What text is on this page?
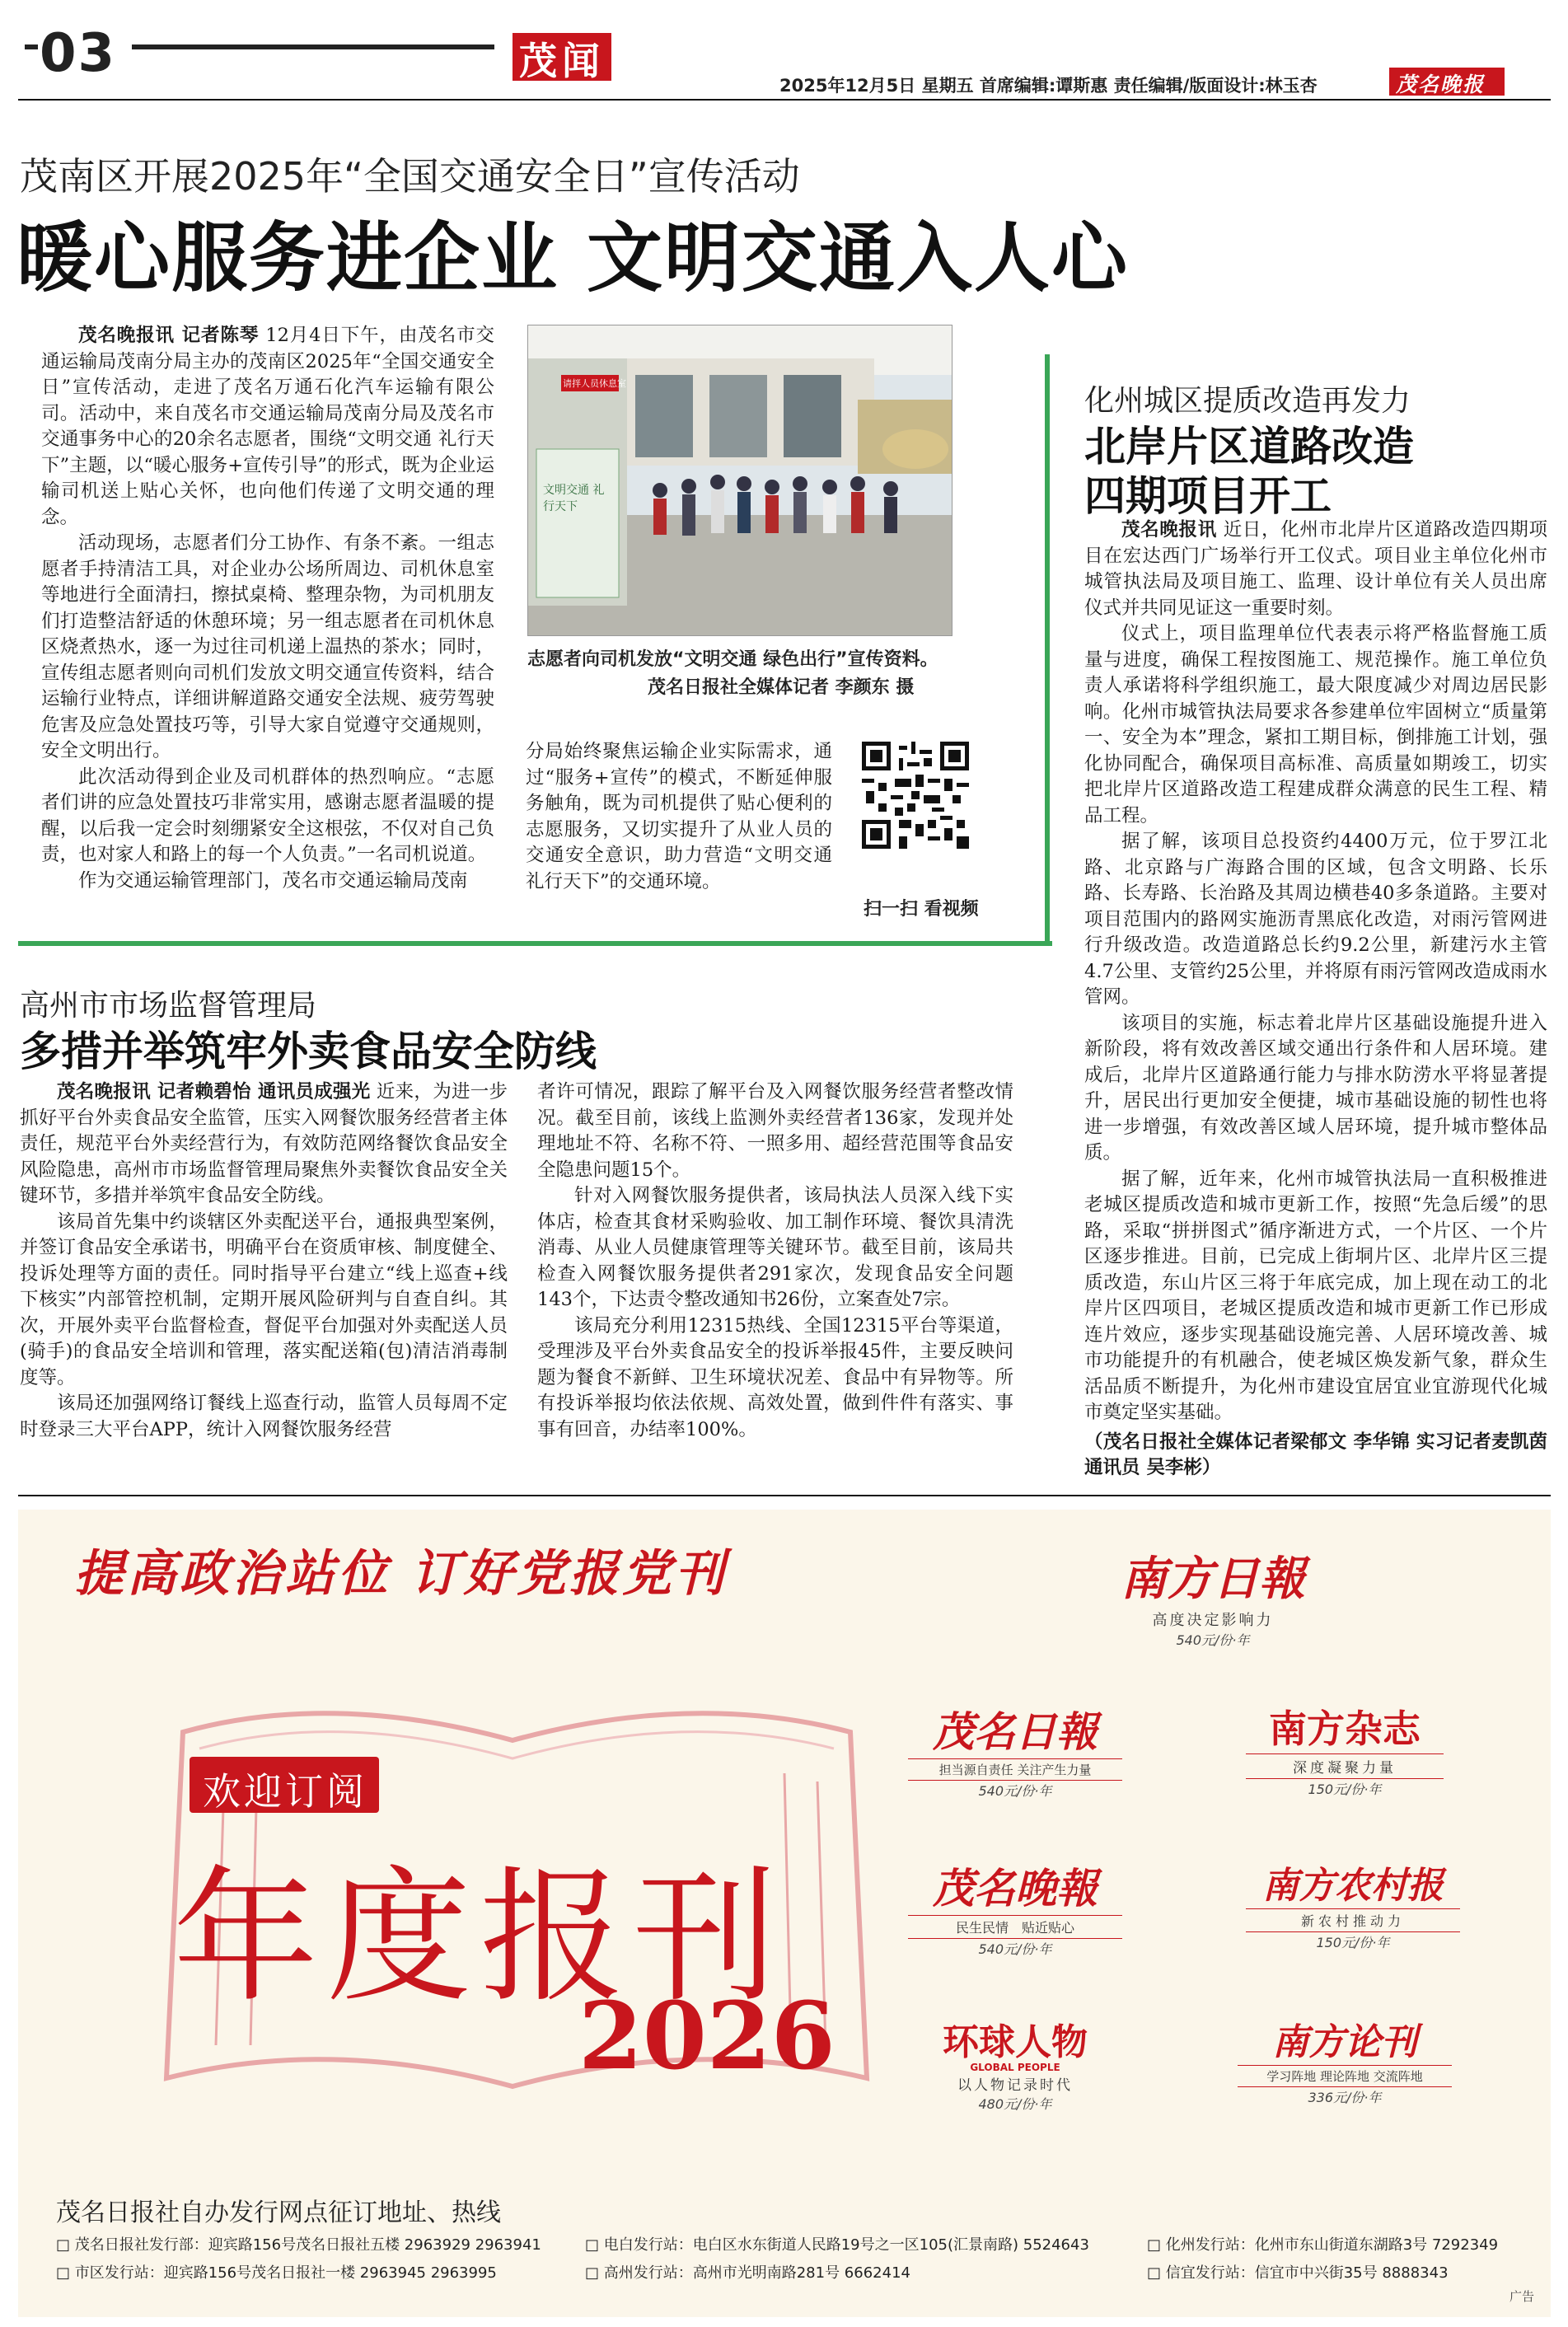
03	茂闻
2025年12月5日 星期五 首席编辑:谭斯惠 责任编辑/版面设计:林玉杏	茂名晚报
茂南区开展2025年“全国交通安全日”宣传活动
暖心服务进企业 文明交通入人心

茂名晚报讯 记者陈琴 12月4日下午，由茂名市交通运输局茂南分局主办的茂南区2025年“全国交通安全日”宣传活动，走进了茂名万通石化汽车运输有限公司。活动中，来自茂名市交通运输局茂南分局及茂名市交通事务中心的20余名志愿者，围绕“文明交通 礼行天下”主题，以“暖心服务+宣传引导”的形式，既为企业运输司机送上贴心关怀，也向他们传递了文明交通的理念。

活动现场，志愿者们分工协作、有条不紊。一组志愿者手持清洁工具，对企业办公场所周边、司机休息室等地进行全面清扫，擦拭桌椅、整理杂物，为司机朋友们打造整洁舒适的休憩环境；另一组志愿者在司机休息区烧煮热水，逐一为过往司机递上温热的茶水；同时，宣传组志愿者则向司机们发放文明交通宣传资料，结合运输行业特点，详细讲解道路交通安全法规、疲劳驾驶危害及应急处置技巧等，引导大家自觉遵守交通规则，安全文明出行。

此次活动得到企业及司机群体的热烈响应。“志愿者们讲的应急处置技巧非常实用，感谢志愿者温暖的提醒，以后我一定会时刻绷紧安全这根弦，不仅对自己负责，也对家人和路上的每一个人负责。”一名司机说道。

作为交通运输管理部门，茂名市交通运输局茂南

请拌人员休息室
文明交通 礼行天下
志愿者向司机发放“文明交通 绿色出行”宣传资料。
茂名日报社全媒体记者 李颜东 摄
分局始终聚焦运输企业实际需求，通过“服务+宣传”的模式，不断延伸服务触角，既为司机提供了贴心便利的志愿服务，又切实提升了从业人员的交通安全意识，助力营造“文明交通 礼行天下”的交通环境。
扫一扫 看视频
化州城区提质改造再发力
北岸片区道路改造
四期项目开工

茂名晚报讯 近日，化州市北岸片区道路改造四期项目在宏达西门广场举行开工仪式。项目业主单位化州市城管执法局及项目施工、监理、设计单位有关人员出席仪式并共同见证这一重要时刻。

仪式上，项目监理单位代表表示将严格监督施工质量与进度，确保工程按图施工、规范操作。施工单位负责人承诺将科学组织施工，最大限度减少对周边居民影响。化州市城管执法局要求各参建单位牢固树立“质量第一、安全为本”理念，紧扣工期目标，倒排施工计划，强化协同配合，确保项目高标准、高质量如期竣工，切实把北岸片区道路改造工程建成群众满意的民生工程、精品工程。

据了解，该项目总投资约4400万元，位于罗江北路、北京路与广海路合围的区域，包含文明路、长乐路、长寿路、长治路及其周边横巷40多条道路。主要对项目范围内的路网实施沥青黑底化改造，对雨污管网进行升级改造。改造道路总长约9.2公里，新建污水主管4.7公里、支管约25公里，并将原有雨污管网改造成雨水管网。

该项目的实施，标志着北岸片区基础设施提升进入新阶段，将有效改善区域交通出行条件和人居环境。建成后，北岸片区道路通行能力与排水防涝水平将显著提升，居民出行更加安全便捷，城市基础设施的韧性也将进一步增强，有效改善区域人居环境，提升城市整体品质。

据了解，近年来，化州市城管执法局一直积极推进老城区提质改造和城市更新工作，按照“先急后缓”的思路，采取“拼拼图式”循序渐进方式，一个片区、一个片区逐步推进。目前，已完成上街垌片区、北岸片区三提质改造，东山片区三将于年底完成，加上现在动工的北岸片区四项目，老城区提质改造和城市更新工作已形成连片效应，逐步实现基础设施完善、人居环境改善、城市功能提升的有机融合，使老城区焕发新气象，群众生活品质不断提升，为化州市建设宜居宜业宜游现代化城市奠定坚实基础。

（茂名日报社全媒体记者梁郁文 李华锦 实习记者麦凯茵 通讯员 吴李彬）

高州市市场监督管理局
多措并举筑牢外卖食品安全防线

茂名晚报讯 记者赖碧怡 通讯员成强光 近来，为进一步抓好平台外卖食品安全监管，压实入网餐饮服务经营者主体责任，规范平台外卖经营行为，有效防范网络餐饮食品安全风险隐患，高州市市场监督管理局聚焦外卖餐饮食品安全关键环节，多措并举筑牢食品安全防线。

该局首先集中约谈辖区外卖配送平台，通报典型案例，并签订食品安全承诺书，明确平台在资质审核、制度健全、投诉处理等方面的责任。同时指导平台建立“线上巡查+线下核实”内部管控机制，定期开展风险研判与自查自纠。其次，开展外卖平台监督检查，督促平台加强对外卖配送人员(骑手)的食品安全培训和管理，落实配送箱(包)清洁消毒制度等。

该局还加强网络订餐线上巡查行动，监管人员每周不定时登录三大平台APP，统计入网餐饮服务经营

者许可情况，跟踪了解平台及入网餐饮服务经营者整改情况。截至目前，该线上监测外卖经营者136家，发现并处理地址不符、名称不符、一照多用、超经营范围等食品安全隐患问题15个。

针对入网餐饮服务提供者，该局执法人员深入线下实体店，检查其食材采购验收、加工制作环境、餐饮具清洗消毒、从业人员健康管理等关键环节。截至目前，该局共检查入网餐饮服务提供者291家次，发现食品安全问题143个，下达责令整改通知书26份，立案查处7宗。

该局充分利用12315热线、全国12315平台等渠道，受理涉及平台外卖食品安全的投诉举报45件，主要反映问题为餐食不新鲜、卫生环境状况差、食品中有异物等。所有投诉举报均依法依规、高效处置，做到件件有落实、事事有回音，办结率100%。

提高政治站位 订好党报党刊
欢迎订阅
年度报刊
2026
南方日報
高度决定影响力
540元/份·年
茂名日報
担当源自责任 关注产生力量
540元/份·年
南方杂志
深度凝聚力量
150元/份·年
茂名晚報
民生民情　贴近贴心
540元/份·年
南方农村报
新农村推动力
150元/份·年
环球人物
GLOBAL PEOPLE
以人物记录时代
480元/份·年
南方论刊
学习阵地 理论阵地 交流阵地
336元/份·年
茂名日报社自办发行网点征订地址、热线
□ 茂名日报社发行部：迎宾路156号茂名日报社五楼 2963929 2963941
□ 市区发行站：迎宾路156号茂名日报社一楼 2963945 2963995
□ 电白发行站：电白区水东街道人民路19号之一区105(汇景南路) 5524643
□ 高州发行站：高州市光明南路281号 6662414
□ 化州发行站：化州市东山街道东湖路3号 7292349
□ 信宜发行站：信宜市中兴街35号 8888343
广告
